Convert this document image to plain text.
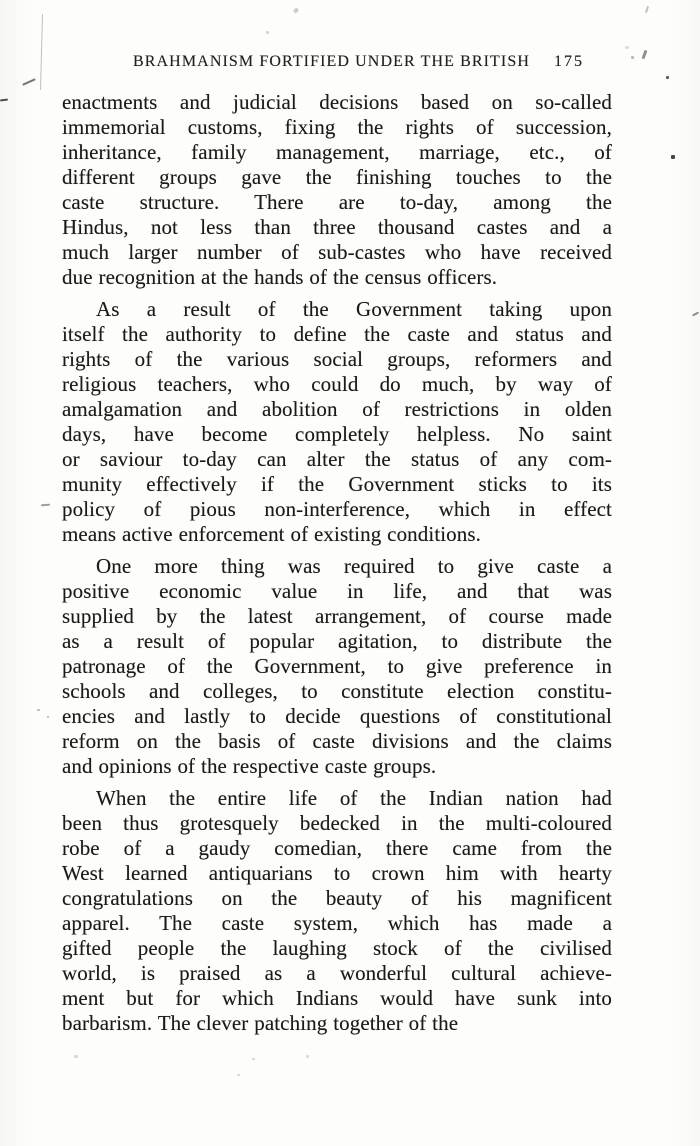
BRAHMANISM FORTIFIED UNDER THE BRITISH 175

enactments and judicial decisions based on so-called
immemorial customs, fixing the rights of succession,
inheritance, family management, marriage, etc., of
different groups gave the finishing touches to the
caste structure. There are to-day, among the
Hindus, not less than three thousand castes and a
much larger number of sub-castes who have received
due recognition at the hands of the census officers.

As a result of the Government taking upon
itself the authority to define the caste and status and
rights of the various social groups, reformers and
religious teachers, who could do much, by way of
amalgamation and abolition of restrictions in olden
days, have become completely helpless. No saint
or saviour to-day can alter the status of any com-
munity effectively if the Government sticks to its
policy of pious non-interference, which in effect
means active enforcement of existing conditions.

One more thing was required to give caste a
positive economic value in life, and that was
supplied by the latest arrangement, of course made
as a result of popular agitation, to distribute the
patronage of the Government, to give preference in
schools and colleges, to constitute election constitu-
encies and lastly to decide questions of constitutional
reform on the basis of caste divisions and the claims
and opinions of the respective caste groups.

When the entire life of the Indian nation had
been thus grotesquely bedecked in the multi-coloured
robe of a gaudy comedian, there came from the
West learned antiquarians to crown him with hearty
congratulations on the beauty of his magnificent
apparel. The caste system, which has made a
gifted people the laughing stock of the civilised
world, is praised as a wonderful cultural achieve-
ment but for which Indians would have sunk into
barbarism. The clever patching together of the
